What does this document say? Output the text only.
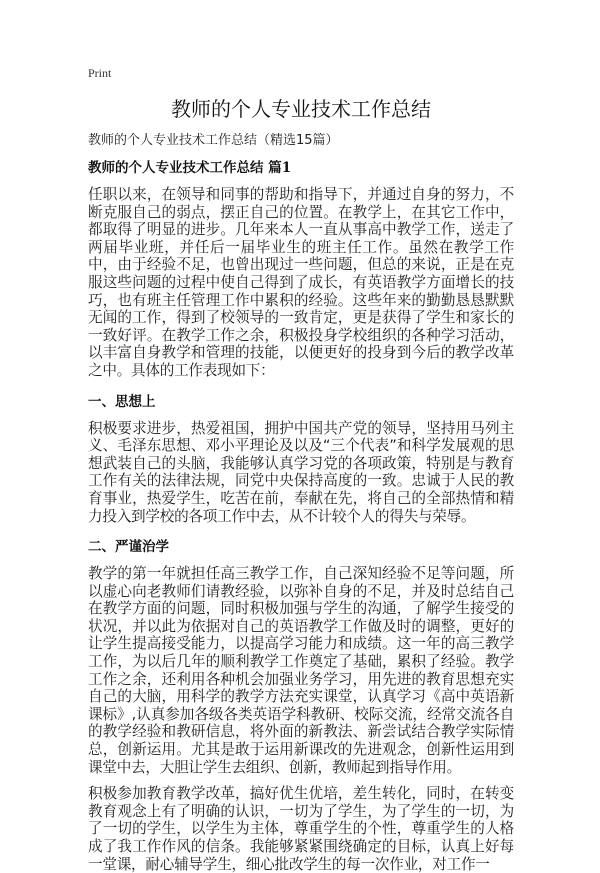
Print
教师的个人专业技术工作总结
教师的个人专业技术工作总结（精选15篇）
教师的个人专业技术工作总结 篇1
任职以来，在领导和同事的帮助和指导下，并通过自身的努力，不断克服自己的弱点，摆正自己的位置。在教学上，在其它工作中，都取得了明显的进步。几年来本人一直从事高中教学工作，送走了两届毕业班，并任后一届毕业生的班主任工作。虽然在教学工作中，由于经验不足，也曾出现过一些问题，但总的来说，正是在克服这些问题的过程中使自己得到了成长，有英语教学方面增长的技巧，也有班主任管理工作中累积的经验。这些年来的勤勤恳恳默默无闻的工作，得到了校领导的一致肯定，更是获得了学生和家长的一致好评。在教学工作之余，积极投身学校组织的各种学习活动，以丰富自身教学和管理的技能，以便更好的投身到今后的教学改革之中。具体的工作表现如下：
一、思想上
积极要求进步，热爱祖国，拥护中国共产党的领导，坚持用马列主义、毛泽东思想、邓小平理论及以及“三个代表”和科学发展观的思想武装自己的头脑，我能够认真学习党的各项政策，特别是与教育工作有关的法律法规，同党中央保持高度的一致。忠诚于人民的教育事业，热爱学生，吃苦在前，奉献在先，将自己的全部热情和精力投入到学校的各项工作中去，从不计较个人的得失与荣辱。
二、严谨治学
教学的第一年就担任高三教学工作，自己深知经验不足等问题，所以虚心向老教师们请教经验，以弥补自身的不足，并及时总结自己在教学方面的问题，同时积极加强与学生的沟通，了解学生接受的状况，并以此为依据对自己的英语教学工作做及时的调整，更好的让学生提高接受能力，以提高学习能力和成绩。这一年的高三教学工作，为以后几年的顺利教学工作奠定了基础，累积了经验。教学工作之余，还利用各种机会加强业务学习，用先进的教育思想充实自己的大脑，用科学的教学方法充实课堂，认真学习《高中英语新课标》,认真参加各级各类英语学科教研、校际交流，经常交流各自的教学经验和教研信息，将外面的新教法、新尝试结合教学实际情总，创新运用。尤其是敢于运用新课改的先进观念，创新性运用到课堂中去，大胆让学生去组织、创新，教师起到指导作用。
积极参加教育教学改革，搞好优生优培，差生转化，同时，在转变教育观念上有了明确的认识，一切为了学生，为了学生的一切，为了一切的学生，以学生为主体，尊重学生的个性，尊重学生的人格成了我工作作风的信条。我能够紧紧围绕确定的目标，认真上好每一堂课，耐心辅导学生，细心批改学生的每一次作业，对工作一
